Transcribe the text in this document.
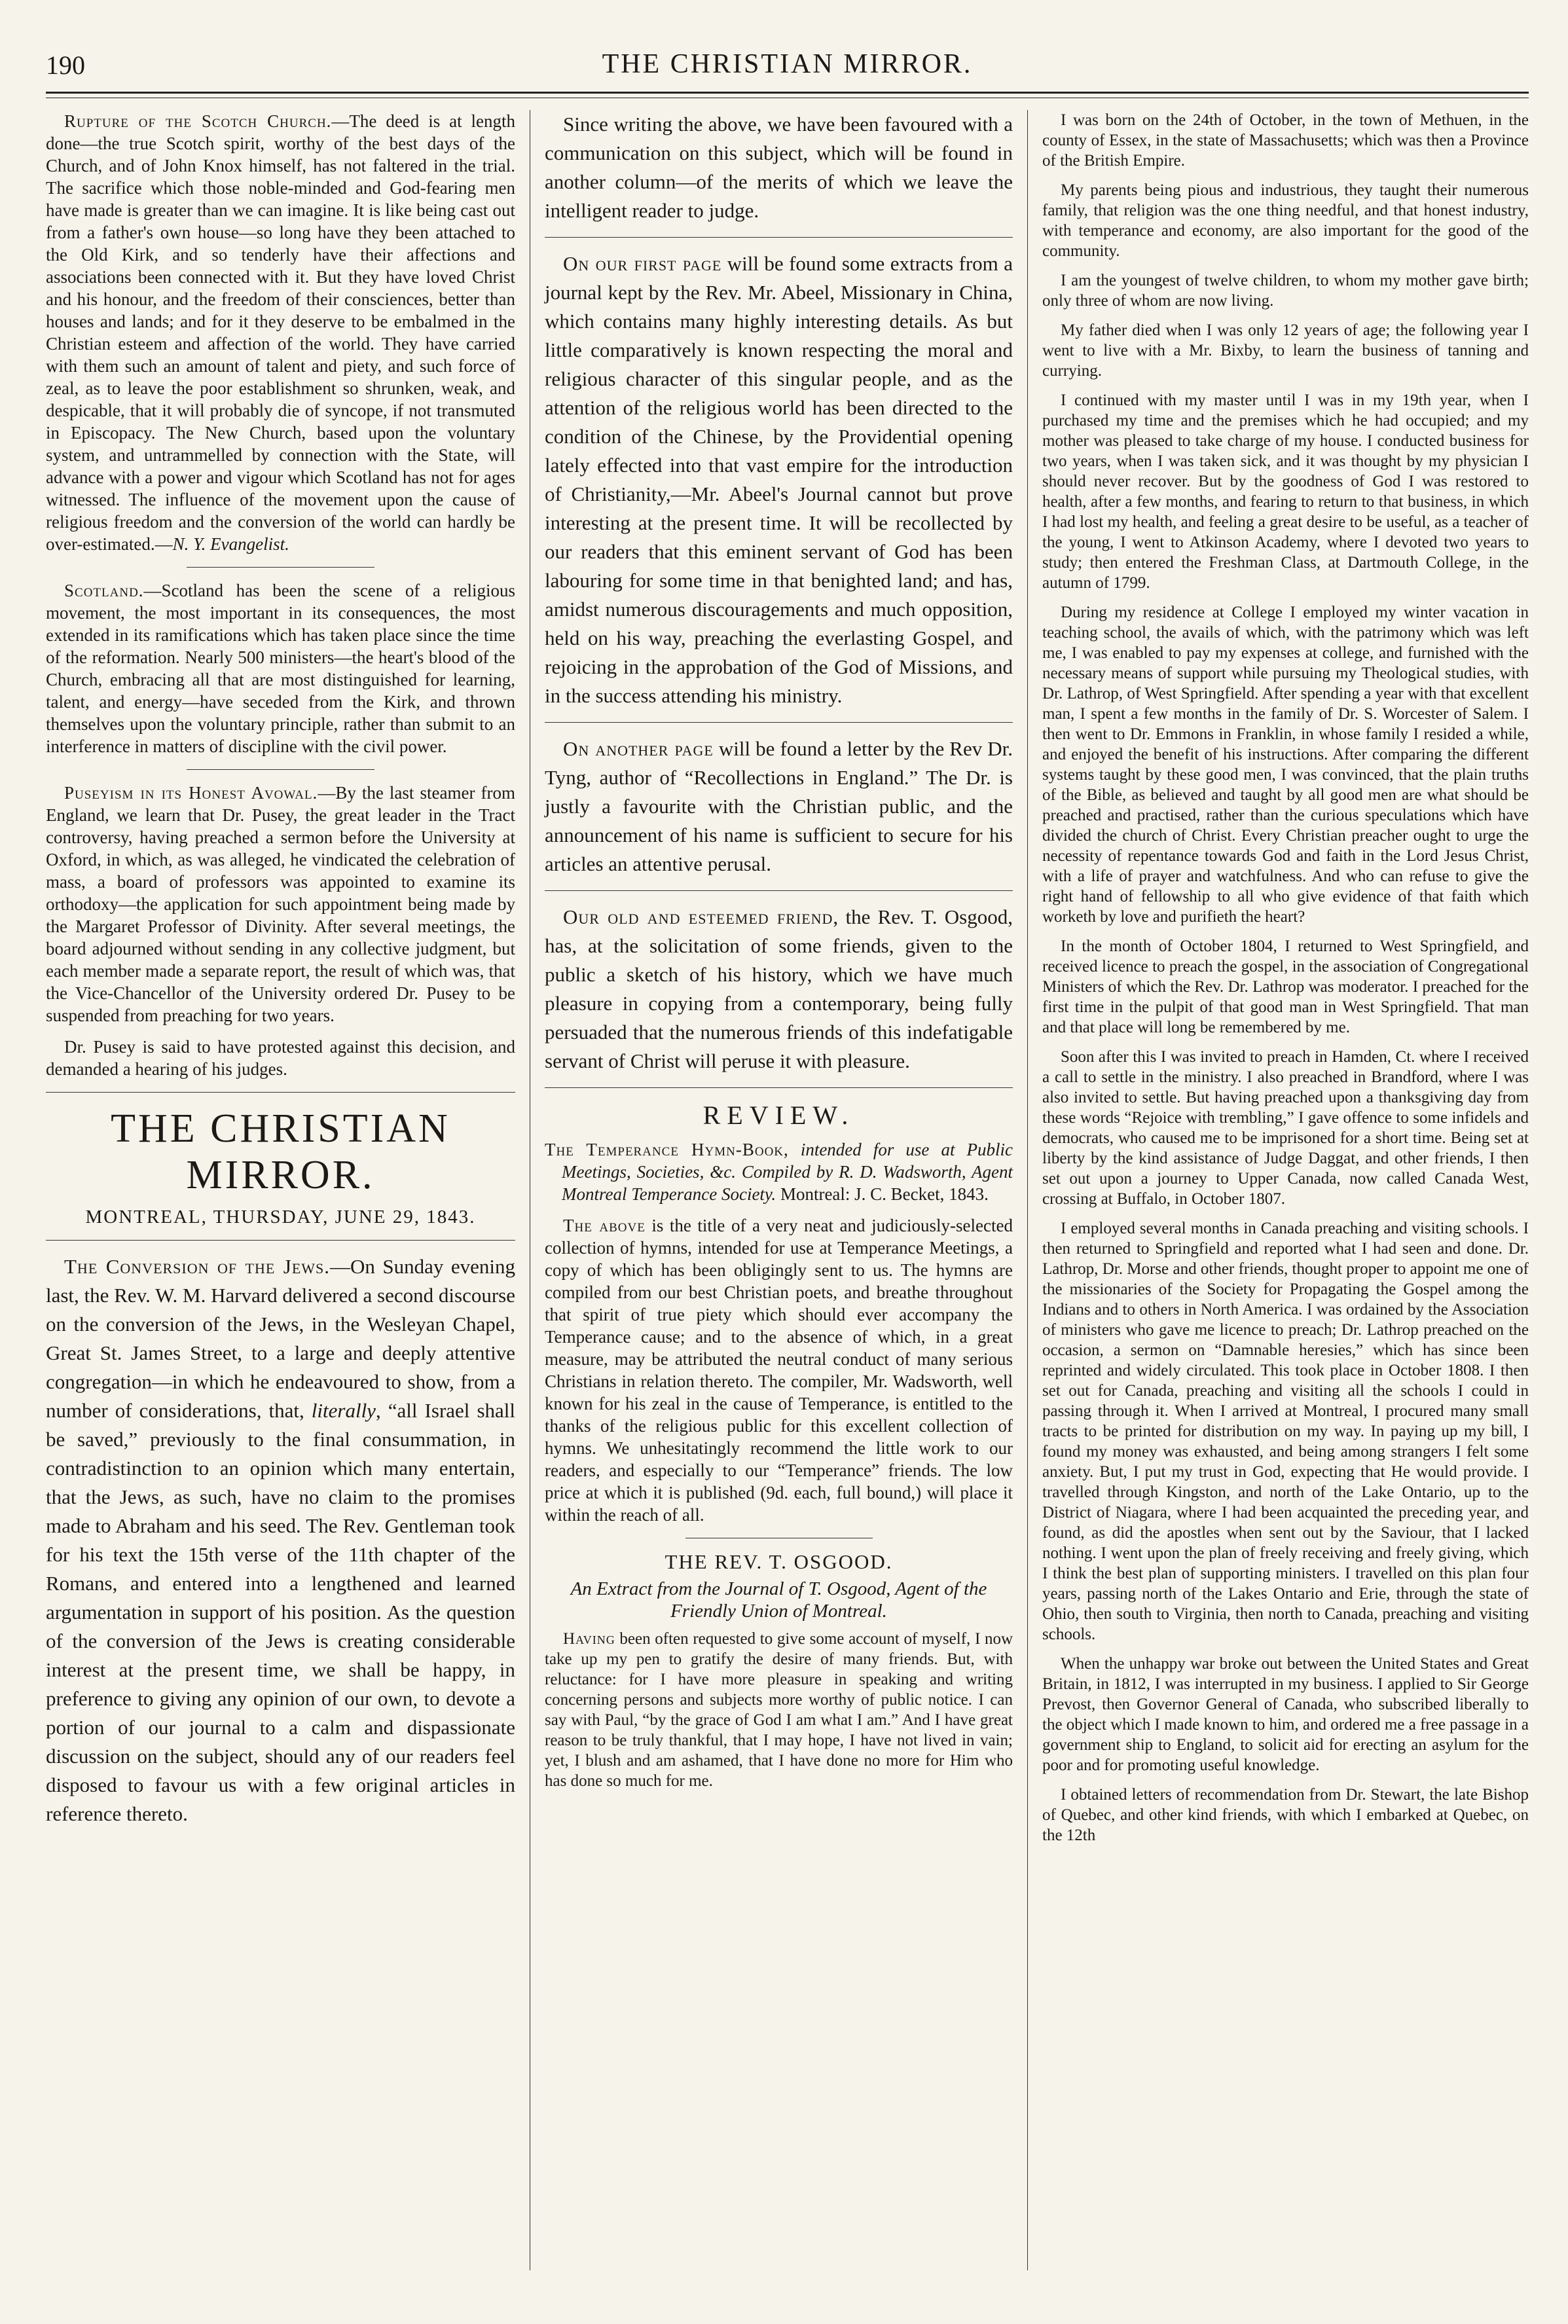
190	THE CHRISTIAN MIRROR.

Rupture of the Scotch Church.—The deed is at length done—the true Scotch spirit, worthy of the best days of the Church, and of John Knox himself, has not faltered in the trial. The sacrifice which those noble-minded and God-fearing men have made is greater than we can imagine. It is like being cast out from a father's own house—so long have they been attached to the Old Kirk, and so tenderly have their affections and associations been connected with it. But they have loved Christ and his honour, and the freedom of their consciences, better than houses and lands; and for it they deserve to be embalmed in the Christian esteem and affection of the world. They have carried with them such an amount of talent and piety, and such force of zeal, as to leave the poor establishment so shrunken, weak, and despicable, that it will probably die of syncope, if not transmuted in Episcopacy. The New Church, based upon the voluntary system, and untrammelled by connection with the State, will advance with a power and vigour which Scotland has not for ages witnessed. The influence of the movement upon the cause of religious freedom and the conversion of the world can hardly be over-estimated.—N. Y. Evangelist.

Scotland.—Scotland has been the scene of a religious movement, the most important in its consequences, the most extended in its ramifications which has taken place since the time of the reformation. Nearly 500 ministers—the heart's blood of the Church, embracing all that are most distinguished for learning, talent, and energy—have seceded from the Kirk, and thrown themselves upon the voluntary principle, rather than submit to an interference in matters of discipline with the civil power.

Puseyism in its Honest Avowal.—By the last steamer from England, we learn that Dr. Pusey, the great leader in the Tract controversy, having preached a sermon before the University at Oxford, in which, as was alleged, he vindicated the celebration of mass, a board of professors was appointed to examine its orthodoxy—the application for such appointment being made by the Margaret Professor of Divinity. After several meetings, the board adjourned without sending in any collective judgment, but each member made a separate report, the result of which was, that the Vice-Chancellor of the University ordered Dr. Pusey to be suspended from preaching for two years.

Dr. Pusey is said to have protested against this decision, and demanded a hearing of his judges.

THE CHRISTIAN MIRROR.
MONTREAL, THURSDAY, JUNE 29, 1843.

The Conversion of the Jews.—On Sunday evening last, the Rev. W. M. Harvard delivered a second discourse on the conversion of the Jews, in the Wesleyan Chapel, Great St. James Street, to a large and deeply attentive congregation—in which he endeavoured to show, from a number of considerations, that, literally, “all Israel shall be saved,” previously to the final consummation, in contradistinction to an opinion which many entertain, that the Jews, as such, have no claim to the promises made to Abraham and his seed. The Rev. Gentleman took for his text the 15th verse of the 11th chapter of the Romans, and entered into a lengthened and learned argumentation in support of his position. As the question of the conversion of the Jews is creating considerable interest at the present time, we shall be happy, in preference to giving any opinion of our own, to devote a portion of our journal to a calm and dispassionate discussion on the subject, should any of our readers feel disposed to favour us with a few original articles in reference thereto.

Since writing the above, we have been favoured with a communication on this subject, which will be found in another column—of the merits of which we leave the intelligent reader to judge.

On our first page will be found some extracts from a journal kept by the Rev. Mr. Abeel, Missionary in China, which contains many highly interesting details. As but little comparatively is known respecting the moral and religious character of this singular people, and as the attention of the religious world has been directed to the condition of the Chinese, by the Providential opening lately effected into that vast empire for the introduction of Christianity,—Mr. Abeel's Journal cannot but prove interesting at the present time. It will be recollected by our readers that this eminent servant of God has been labouring for some time in that benighted land; and has, amidst numerous discouragements and much opposition, held on his way, preaching the everlasting Gospel, and rejoicing in the approbation of the God of Missions, and in the success attending his ministry.

On another page will be found a letter by the Rev Dr. Tyng, author of “Recollections in England.” The Dr. is justly a favourite with the Christian public, and the announcement of his name is sufficient to secure for his articles an attentive perusal.

Our old and esteemed friend, the Rev. T. Osgood, has, at the solicitation of some friends, given to the public a sketch of his history, which we have much pleasure in copying from a contemporary, being fully persuaded that the numerous friends of this indefatigable servant of Christ will peruse it with pleasure.

REVIEW.

The Temperance Hymn-Book, intended for use at Public Meetings, Societies, &c. Compiled by R. D. Wadsworth, Agent Montreal Temperance Society. Montreal: J. C. Becket, 1843.

The above is the title of a very neat and judiciously-selected collection of hymns, intended for use at Temperance Meetings, a copy of which has been obligingly sent to us. The hymns are compiled from our best Christian poets, and breathe throughout that spirit of true piety which should ever accompany the Temperance cause; and to the absence of which, in a great measure, may be attributed the neutral conduct of many serious Christians in relation thereto. The compiler, Mr. Wadsworth, well known for his zeal in the cause of Temperance, is entitled to the thanks of the religious public for this excellent collection of hymns. We unhesitatingly recommend the little work to our readers, and especially to our “Temperance” friends. The low price at which it is published (9d. each, full bound,) will place it within the reach of all.

THE REV. T. OSGOOD.
An Extract from the Journal of T. Osgood, Agent of the Friendly Union of Montreal.

Having been often requested to give some account of myself, I now take up my pen to gratify the desire of many friends. But, with reluctance: for I have more pleasure in speaking and writing concerning persons and subjects more worthy of public notice. I can say with Paul, “by the grace of God I am what I am.” And I have great reason to be truly thankful, that I may hope, I have not lived in vain; yet, I blush and am ashamed, that I have done no more for Him who has done so much for me.

I was born on the 24th of October, in the town of Methuen, in the county of Essex, in the state of Massachusetts; which was then a Province of the British Empire.

My parents being pious and industrious, they taught their numerous family, that religion was the one thing needful, and that honest industry, with temperance and economy, are also important for the good of the community.

I am the youngest of twelve children, to whom my mother gave birth; only three of whom are now living.

My father died when I was only 12 years of age; the following year I went to live with a Mr. Bixby, to learn the business of tanning and currying.

I continued with my master until I was in my 19th year, when I purchased my time and the premises which he had occupied; and my mother was pleased to take charge of my house. I conducted business for two years, when I was taken sick, and it was thought by my physician I should never recover. But by the goodness of God I was restored to health, after a few months, and fearing to return to that business, in which I had lost my health, and feeling a great desire to be useful, as a teacher of the young, I went to Atkinson Academy, where I devoted two years to study; then entered the Freshman Class, at Dartmouth College, in the autumn of 1799.

During my residence at College I employed my winter vacation in teaching school, the avails of which, with the patrimony which was left me, I was enabled to pay my expenses at college, and furnished with the necessary means of support while pursuing my Theological studies, with Dr. Lathrop, of West Springfield. After spending a year with that excellent man, I spent a few months in the family of Dr. S. Worcester of Salem. I then went to Dr. Emmons in Franklin, in whose family I resided a while, and enjoyed the benefit of his instructions. After comparing the different systems taught by these good men, I was convinced, that the plain truths of the Bible, as believed and taught by all good men are what should be preached and practised, rather than the curious speculations which have divided the church of Christ. Every Christian preacher ought to urge the necessity of repentance towards God and faith in the Lord Jesus Christ, with a life of prayer and watchfulness. And who can refuse to give the right hand of fellowship to all who give evidence of that faith which worketh by love and purifieth the heart?

In the month of October 1804, I returned to West Springfield, and received licence to preach the gospel, in the association of Congregational Ministers of which the Rev. Dr. Lathrop was moderator. I preached for the first time in the pulpit of that good man in West Springfield. That man and that place will long be remembered by me.

Soon after this I was invited to preach in Hamden, Ct. where I received a call to settle in the ministry. I also preached in Brandford, where I was also invited to settle. But having preached upon a thanksgiving day from these words “Rejoice with trembling,” I gave offence to some infidels and democrats, who caused me to be imprisoned for a short time. Being set at liberty by the kind assistance of Judge Daggat, and other friends, I then set out upon a journey to Upper Canada, now called Canada West, crossing at Buffalo, in October 1807.

I employed several months in Canada preaching and visiting schools. I then returned to Springfield and reported what I had seen and done. Dr. Lathrop, Dr. Morse and other friends, thought proper to appoint me one of the missionaries of the Society for Propagating the Gospel among the Indians and to others in North America. I was ordained by the Association of ministers who gave me licence to preach; Dr. Lathrop preached on the occasion, a sermon on “Damnable heresies,” which has since been reprinted and widely circulated. This took place in October 1808. I then set out for Canada, preaching and visiting all the schools I could in passing through it. When I arrived at Montreal, I procured many small tracts to be printed for distribution on my way. In paying up my bill, I found my money was exhausted, and being among strangers I felt some anxiety. But, I put my trust in God, expecting that He would provide. I travelled through Kingston, and north of the Lake Ontario, up to the District of Niagara, where I had been acquainted the preceding year, and found, as did the apostles when sent out by the Saviour, that I lacked nothing. I went upon the plan of freely receiving and freely giving, which I think the best plan of supporting ministers. I travelled on this plan four years, passing north of the Lakes Ontario and Erie, through the state of Ohio, then south to Virginia, then north to Canada, preaching and visiting schools.

When the unhappy war broke out between the United States and Great Britain, in 1812, I was interrupted in my business. I applied to Sir George Prevost, then Governor General of Canada, who subscribed liberally to the object which I made known to him, and ordered me a free passage in a government ship to England, to solicit aid for erecting an asylum for the poor and for promoting useful knowledge.

I obtained letters of recommendation from Dr. Stewart, the late Bishop of Quebec, and other kind friends, with which I embarked at Quebec, on the 12th
